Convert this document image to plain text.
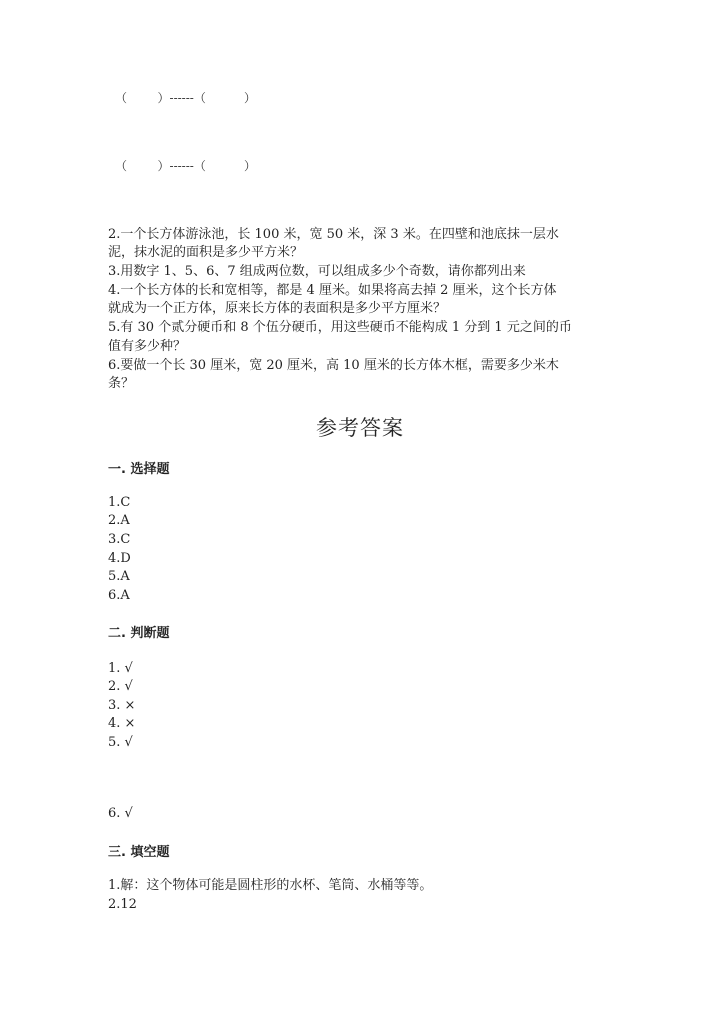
（        ）------（          ）
（        ）------（          ）
2.一个长方体游泳池，长 100 米，宽 50 米，深 3 米。在四壁和池底抹一层水
泥，抹水泥的面积是多少平方米？
3.用数字 1、5、6、7 组成两位数，可以组成多少个奇数，请你都列出来
4.一个长方体的长和宽相等，都是 4 厘米。如果将高去掉 2 厘米，这个长方体
就成为一个正方体，原来长方体的表面积是多少平方厘米？
5.有 30 个贰分硬币和 8 个伍分硬币，用这些硬币不能构成 1 分到 1 元之间的币
值有多少种？
6.要做一个长 30 厘米，宽 20 厘米，高 10 厘米的长方体木框，需要多少米木
条？
参考答案
一. 选择题
1.C
2.A
3.C
4.D
5.A
6.A
二. 判断题
1. √
2. √
3. ×
4. ×
5. √
6. √
三. 填空题
1.解：这个物体可能是圆柱形的水杯、笔筒、水桶等等。
2.12
